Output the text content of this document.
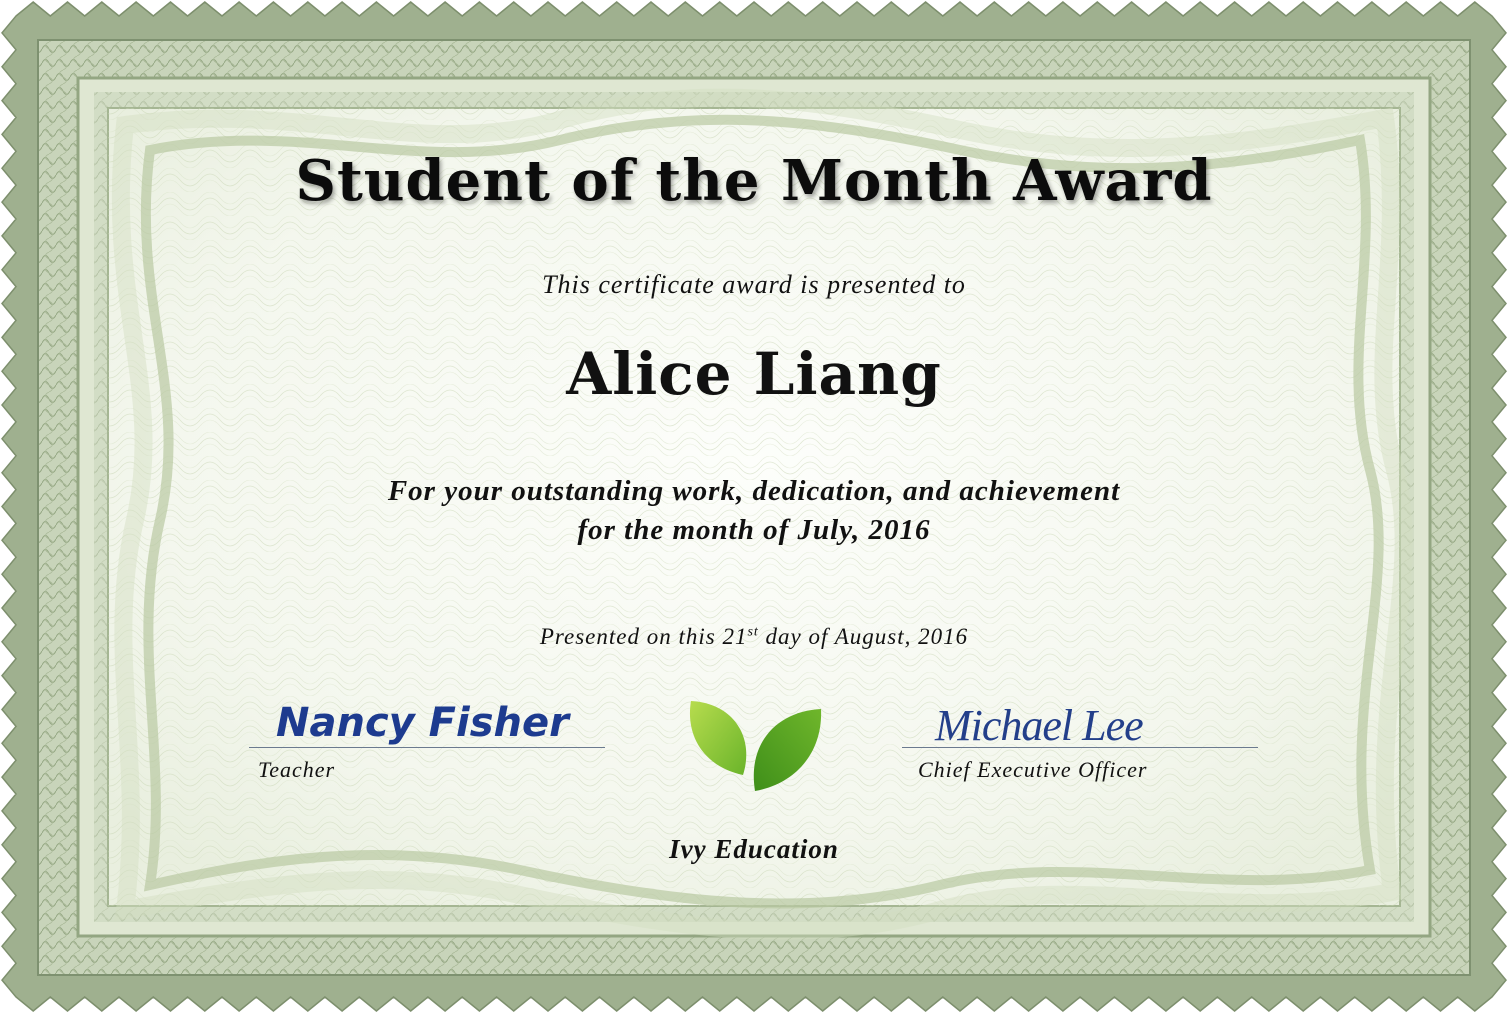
Student of the Month Award
This certificate award is presented to
Alice Liang
For your outstanding work, dedication, and achievement
for the month of July, 2016
Presented on this 21st day of August, 2016
Nancy Fisher
Teacher
Michael Lee
Chief Executive Officer
Ivy Education
